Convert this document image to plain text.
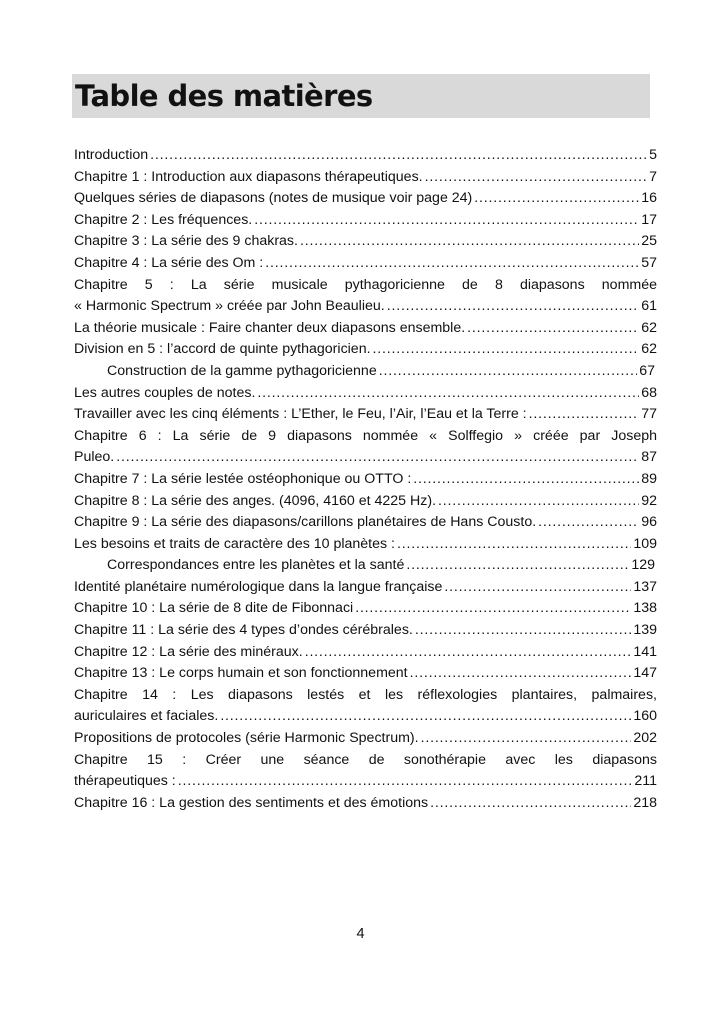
Table des matières
Introduction .....	5
Chapitre 1 : Introduction aux diapasons thérapeutiques. .....	7
Quelques séries de diapasons (notes de musique voir page 24) .....	16
Chapitre 2 : Les fréquences. .....	17
Chapitre 3 : La série des 9 chakras. .....	25
Chapitre 4 : La série des Om : .....	57
Chapitre 5 : La série musicale pythagoricienne de 8 diapasons nommée
« Harmonic Spectrum » créée par John Beaulieu. .....	61
La théorie musicale : Faire chanter deux diapasons ensemble. .....	62
Division en 5 : l’accord de quinte pythagoricien. .....	62
Construction de la gamme pythagoricienne .....	67
Les autres couples de notes. .....	68
Travailler avec les cinq éléments : L’Ether, le Feu, l’Air, l’Eau et la Terre : .....	77
Chapitre 6 : La série de 9 diapasons nommée « Solffegio » créée par Joseph
Puleo. .....	87
Chapitre 7 : La série lestée ostéophonique ou OTTO : .....	89
Chapitre 8 : La série des anges. (4096, 4160 et 4225 Hz). .....	92
Chapitre 9 : La série des diapasons/carillons planétaires de Hans Cousto. .....	96
Les besoins et traits de caractère des 10 planètes : .....	109
Correspondances entre les planètes et la santé .....	129
Identité planétaire numérologique dans la langue française .....	137
Chapitre 10 : La série de 8 dite de Fibonnaci .....	138
Chapitre 11 : La série des 4 types d’ondes cérébrales. .....	139
Chapitre 12 : La série des minéraux. .....	141
Chapitre 13 : Le corps humain et son fonctionnement .....	147
Chapitre 14 : Les diapasons lestés et les réflexologies plantaires, palmaires,
auriculaires et faciales. .....	160
Propositions de protocoles (série Harmonic Spectrum). .....	202
Chapitre 15 : Créer une séance de sonothérapie avec les diapasons
thérapeutiques : .....	211
Chapitre 16 : La gestion des sentiments et des émotions .....	218
4
